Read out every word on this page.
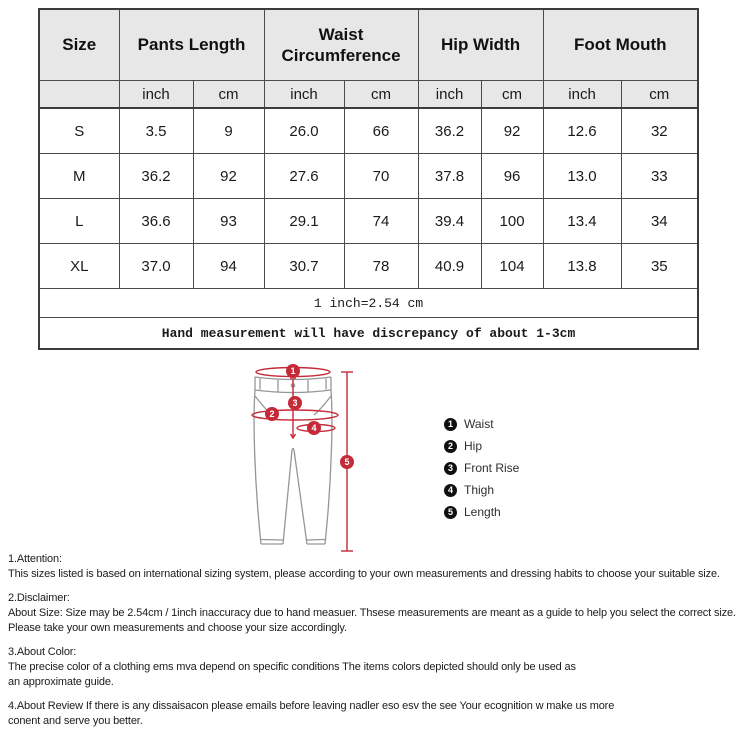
Size	Pants Length		Waist Circumference		Hip Width		Foot Mouth	
	inch	cm	inch	cm	inch	cm	inch	cm
S	3.5	9	26.0	66	36.2	92	12.6	32
M	36.2	92	27.6	70	37.8	96	13.0	33
L	36.6	93	29.1	74	39.4	100	13.4	34
XL	37.0	94	30.7	78	40.9	104	13.8	35
1 inch=2.54 cm								
Hand measurement will have discrepancy of about 1-3cm								
1
2
3
4
5
1 Waist
2 Hip
3 Front Rise
4 Thigh
5 Length
1.Attention:
This sizes listed is based on international sizing system, please according to your own measurements and dressing habits to choose your suitable size.
2.Disclaimer:
About Size: Size may be 2.54cm / 1inch inaccuracy due to hand measuer. Thsese measurements are meant as a guide to help you select the correct size.
Please take your own measurements and choose your size accordingly.
3.About Color:
The precise color of a clothing ems mva depend on specific conditions The items colors depicted should only be used as
an approximate guide.
4.About Review If there is any dissaisacon please emails before leaving nadler eso esv the see Your ecognition w make us more
conent and serve you better.
